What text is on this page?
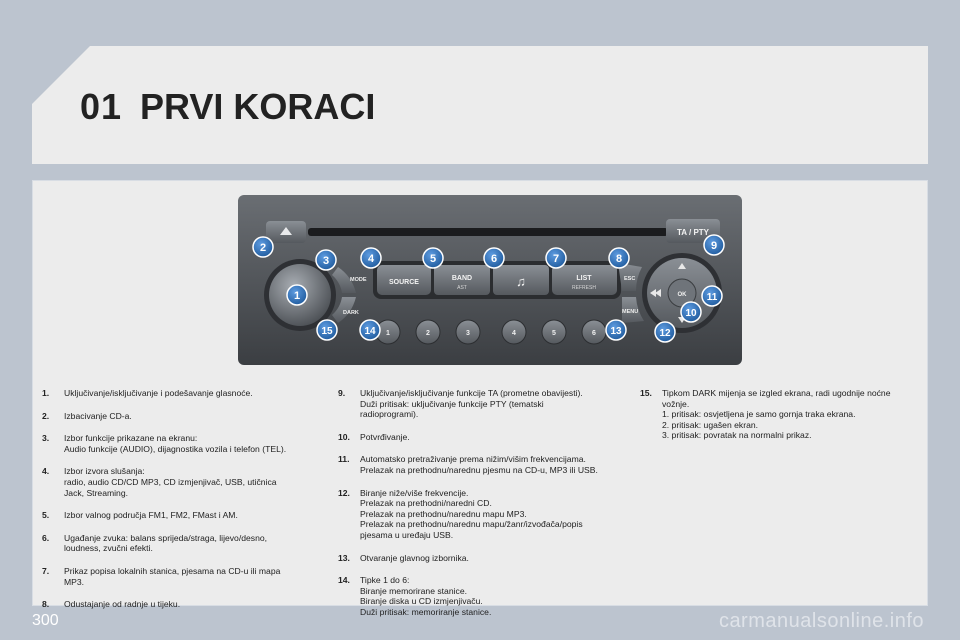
01 PRVI KORACI
TA / PTY
MODE
DARK
SOURCE
BAND
AST	♫	LIST
REFRESH
ESC
MENU
OK
1	2	3	4	5	6
1
2
3	4	5	6	7	8
9
10
11
12
13
14
15
1.	Uključivanje/isključivanje i podešavanje glasnoće.
2.	Izbacivanje CD-a.
3.	Izbor funkcije prikazane na ekranu:
Audio funkcije (AUDIO), dijagnostika vozila i telefon (TEL).
4.	Izbor izvora slušanja:
radio, audio CD/CD MP3, CD izmjenjivač, USB, utičnica
Jack, Streaming.
5.	Izbor valnog područja FM1, FM2, FMast i AM.
6.	Ugađanje zvuka: balans sprijeda/straga, lijevo/desno,
loudness, zvučni efekti.
7.	Prikaz popisa lokalnih stanica, pjesama na CD-u ili mapa
MP3.
8.	Odustajanje od radnje u tijeku.
9.	Uključivanje/isključivanje funkcije TA (prometne obavijesti).
Duži pritisak: uključivanje funkcije PTY (tematski
radioprogrami).
10.	Potvrđivanje.
11.	Automatsko pretraživanje prema nižim/višim frekvencijama.
Prelazak na prethodnu/narednu pjesmu na CD-u, MP3 ili USB.
12.	Biranje niže/više frekvencije.
Prelazak na prethodni/naredni CD.
Prelazak na prethodnu/narednu mapu MP3.
Prelazak na prethodnu/narednu mapu/žanr/izvođača/popis
pjesama u uređaju USB.
13.	Otvaranje glavnog izbornika.
14.	Tipke 1 do 6:
Biranje memorirane stanice.
Biranje diska u CD izmjenjivaču.
Duži pritisak: memoriranje stanice.
15.	Tipkom DARK mijenja se izgled ekrana, radi ugodnije noćne
vožnje.
1. pritisak: osvjetljena je samo gornja traka ekrana.
2. pritisak: ugašen ekran.
3. pritisak: povratak na normalni prikaz.
300	carmanualsonline.info
